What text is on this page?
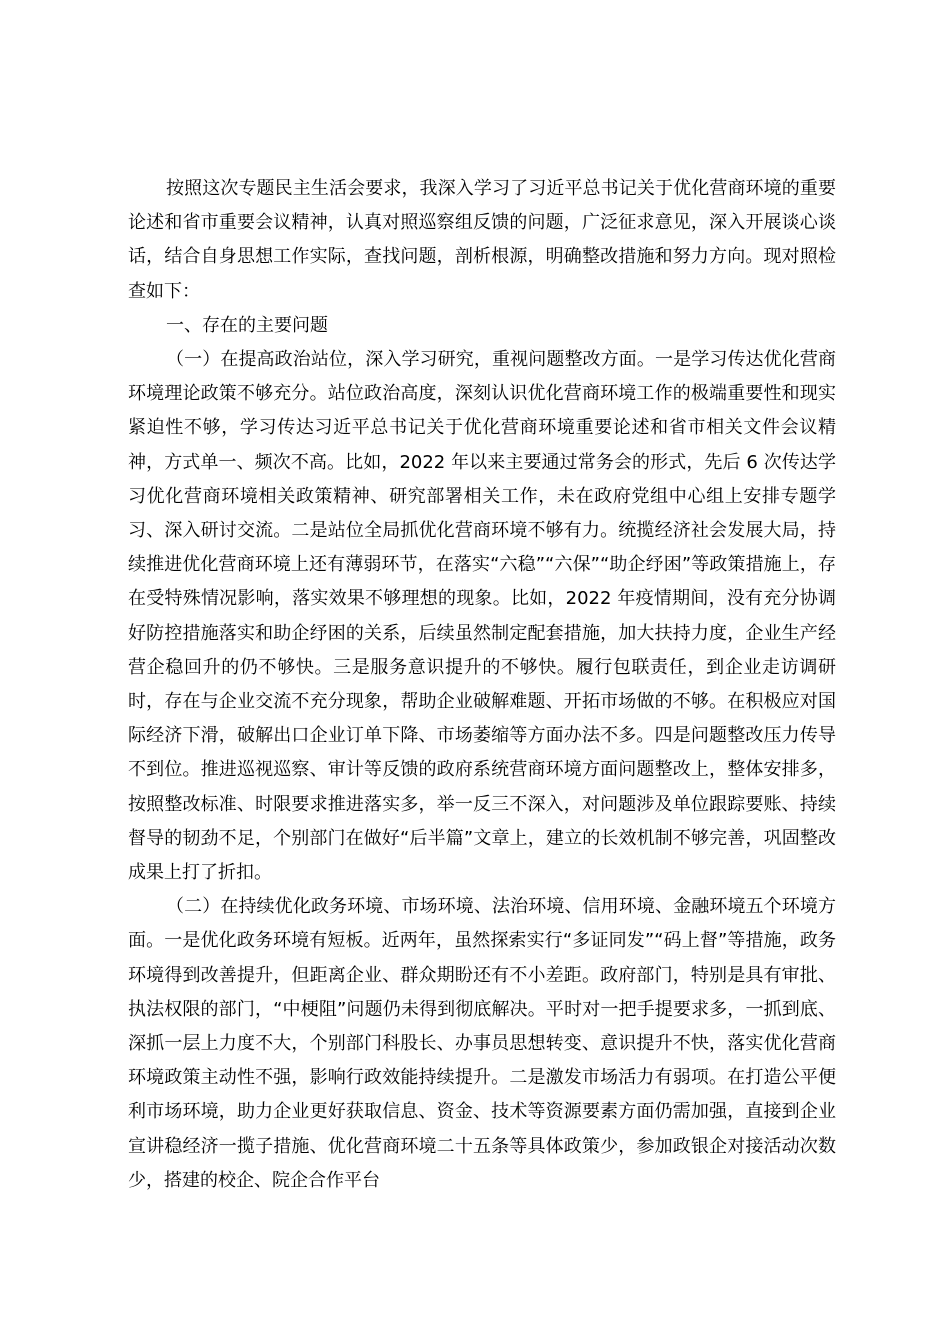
按照这次专题民主生活会要求，我深入学习了习近平总书记关于优化营商环境的重要论述和省市重要会议精神，认真对照巡察组反馈的问题，广泛征求意见，深入开展谈心谈话，结合自身思想工作实际，查找问题，剖析根源，明确整改措施和努力方向。现对照检查如下：

一、存在的主要问题

（一）在提高政治站位，深入学习研究，重视问题整改方面。一是学习传达优化营商环境理论政策不够充分。站位政治高度，深刻认识优化营商环境工作的极端重要性和现实紧迫性不够，学习传达习近平总书记关于优化营商环境重要论述和省市相关文件会议精神，方式单一、频次不高。比如，2022 年以来主要通过常务会的形式，先后 6 次传达学习优化营商环境相关政策精神、研究部署相关工作，未在政府党组中心组上安排专题学习、深入研讨交流。二是站位全局抓优化营商环境不够有力。统揽经济社会发展大局，持续推进优化营商环境上还有薄弱环节，在落实“六稳”“六保”“助企纾困”等政策措施上，存在受特殊情况影响，落实效果不够理想的现象。比如，2022 年疫情期间，没有充分协调好防控措施落实和助企纾困的关系，后续虽然制定配套措施，加大扶持力度，企业生产经营企稳回升的仍不够快。三是服务意识提升的不够快。履行包联责任，到企业走访调研时，存在与企业交流不充分现象，帮助企业破解难题、开拓市场做的不够。在积极应对国际经济下滑，破解出口企业订单下降、市场萎缩等方面办法不多。四是问题整改压力传导不到位。推进巡视巡察、审计等反馈的政府系统营商环境方面问题整改上，整体安排多，按照整改标准、时限要求推进落实多，举一反三不深入，对问题涉及单位跟踪要账、持续督导的韧劲不足，个别部门在做好“后半篇”文章上，建立的长效机制不够完善，巩固整改成果上打了折扣。

（二）在持续优化政务环境、市场环境、法治环境、信用环境、金融环境五个环境方面。一是优化政务环境有短板。近两年，虽然探索实行“多证同发”“码上督”等措施，政务环境得到改善提升，但距离企业、群众期盼还有不小差距。政府部门，特别是具有审批、执法权限的部门，“中梗阻”问题仍未得到彻底解决。平时对一把手提要求多，一抓到底、深抓一层上力度不大，个别部门科股长、办事员思想转变、意识提升不快，落实优化营商环境政策主动性不强，影响行政效能持续提升。二是激发市场活力有弱项。在打造公平便利市场环境，助力企业更好获取信息、资金、技术等资源要素方面仍需加强，直接到企业宣讲稳经济一揽子措施、优化营商环境二十五条等具体政策少，参加政银企对接活动次数少，搭建的校企、院企合作平台
